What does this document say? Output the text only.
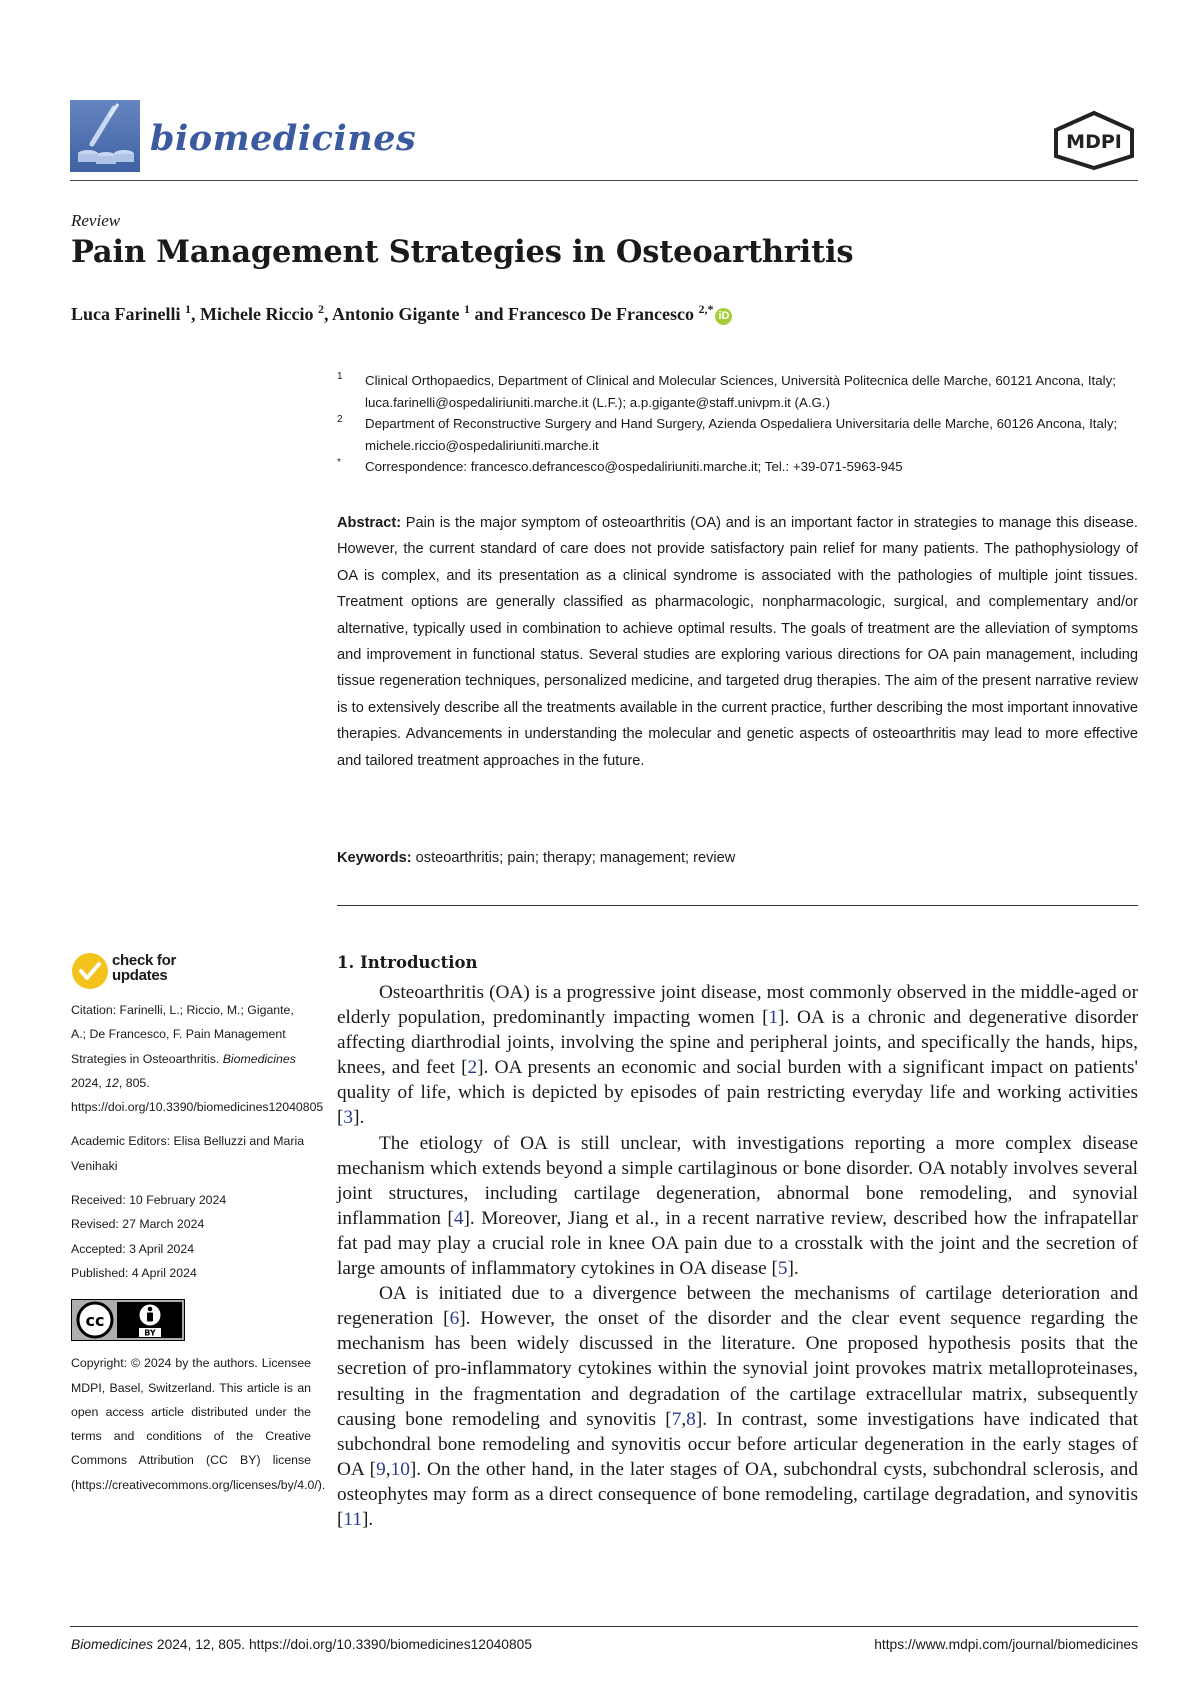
biomedicines	MDPI
Review
Pain Management Strategies in Osteoarthritis
Luca Farinelli $^1$, Michele Riccio $^2$, Antonio Gigante $^1$ and Francesco De Francesco $^{2,*}$ iD
1 Clinical Orthopaedics, Department of Clinical and Molecular Sciences, Università Politecnica delle Marche, 60121 Ancona, Italy; luca.farinelli@ospedaliriuniti.marche.it (L.F.); a.p.gigante@staff.univpm.it (A.G.)
2 Department of Reconstructive Surgery and Hand Surgery, Azienda Ospedaliera Universitaria delle Marche, 60126 Ancona, Italy; michele.riccio@ospedaliriuniti.marche.it
* Correspondence: francesco.defrancesco@ospedaliriuniti.marche.it; Tel.: +39-071-5963-945
Abstract: Pain is the major symptom of osteoarthritis (OA) and is an important factor in strategies to manage this disease. However, the current standard of care does not provide satisfactory pain relief for many patients. The pathophysiology of OA is complex, and its presentation as a clinical syndrome is associated with the pathologies of multiple joint tissues. Treatment options are generally classified as pharmacologic, nonpharmacologic, surgical, and complementary and/or alternative, typically used in combination to achieve optimal results. The goals of treatment are the alleviation of symptoms and improvement in functional status. Several studies are exploring various directions for OA pain management, including tissue regeneration techniques, personalized medicine, and targeted drug therapies. The aim of the present narrative review is to extensively describe all the treatments available in the current practice, further describing the most important innovative therapies. Advancements in understanding the molecular and genetic aspects of osteoarthritis may lead to more effective and tailored treatment approaches in the future.
Keywords: osteoarthritis; pain; therapy; management; review
check for
updates
Citation: Farinelli, L.; Riccio, M.; Gigante, A.; De Francesco, F. Pain Management Strategies in Osteoarthritis. Biomedicines 2024, 12, 805. https://doi.org/10.3390/biomedicines12040805

Academic Editors: Elisa Belluzzi and Maria Venihaki

Received: 10 February 2024

Revised: 27 March 2024

Accepted: 3 April 2024

Published: 4 April 2024

cc
BY
Copyright: © 2024 by the authors. Licensee MDPI, Basel, Switzerland. This article is an open access article distributed under the terms and conditions of the Creative Commons Attribution (CC BY) license (https://creativecommons.org/licenses/by/4.0/).
1. Introduction

Osteoarthritis (OA) is a progressive joint disease, most commonly observed in the middle-aged or elderly population, predominantly impacting women [1]. OA is a chronic and degenerative disorder affecting diarthrodial joints, involving the spine and peripheral joints, and specifically the hands, hips, knees, and feet [2]. OA presents an economic and social burden with a significant impact on patients' quality of life, which is depicted by episodes of pain restricting everyday life and working activities [3].

The etiology of OA is still unclear, with investigations reporting a more complex disease mechanism which extends beyond a simple cartilaginous or bone disorder. OA notably involves several joint structures, including cartilage degeneration, abnormal bone remodeling, and synovial inflammation [4]. Moreover, Jiang et al., in a recent narrative review, described how the infrapatellar fat pad may play a crucial role in knee OA pain due to a crosstalk with the joint and the secretion of large amounts of inflammatory cytokines in OA disease [5].

OA is initiated due to a divergence between the mechanisms of cartilage deterioration and regeneration [6]. However, the onset of the disorder and the clear event sequence regarding the mechanism has been widely discussed in the literature. One proposed hypothesis posits that the secretion of pro-inflammatory cytokines within the synovial joint provokes matrix metalloproteinases, resulting in the fragmentation and degradation of the cartilage extracellular matrix, subsequently causing bone remodeling and synovitis [7,8]. In contrast, some investigations have indicated that subchondral bone remodeling and synovitis occur before articular degeneration in the early stages of OA [9,10]. On the other hand, in the later stages of OA, subchondral cysts, subchondral sclerosis, and osteophytes may form as a direct consequence of bone remodeling, cartilage degradation, and synovitis [11].

Biomedicines 2024, 12, 805. https://doi.org/10.3390/biomedicines12040805	https://www.mdpi.com/journal/biomedicines
